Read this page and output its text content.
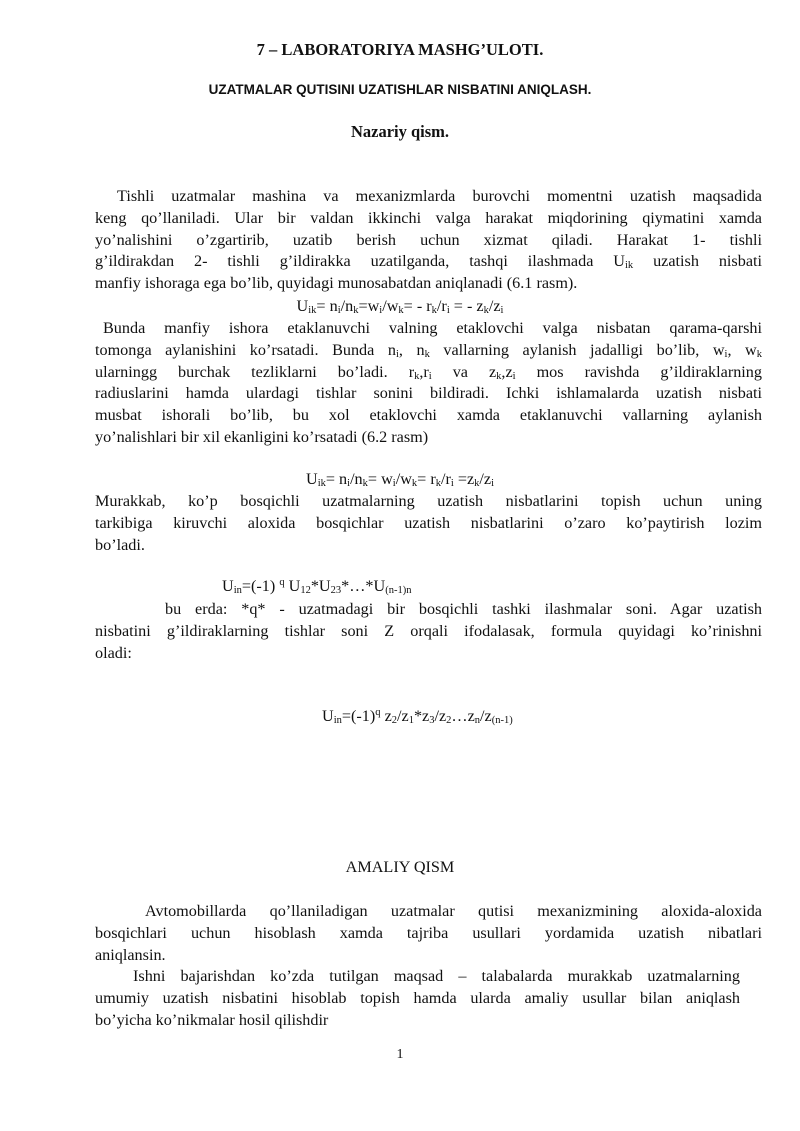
7 – LABORATORIYA MASHG’ULOTI.
UZATMALAR QUTISINI UZATISHLAR NISBATINI ANIQLASH.
Nazariy qism.
Tishli uzatmalar mashina va mexanizmlarda burovchi momentni uzatish maqsadida
keng qo’llaniladi. Ular bir valdan ikkinchi valga harakat miqdorining qiymatini xamda
yo’nalishini o’zgartirib, uzatib berish uchun xizmat qiladi. Harakat 1- tishli
g’ildirakdan 2- tishli g’ildirakka uzatilganda, tashqi ilashmada $U_{ik}$ uzatish nisbati
manfiy ishoraga ega bo’lib, quyidagi munosabatdan aniqlanadi (6.1 rasm).
$U_{ik}= n_i/n_k=w_i/w_k= - r_k/r_i$ = - $z_k/z_i$
Bunda manfiy ishora etaklanuvchi valning etaklovchi valga nisbatan qarama-qarshi
tomonga aylanishini ko’rsatadi. Bunda $n_i$, $n_k$ vallarning aylanish jadalligi bo’lib, $w_i$, $w_k$
ularningg burchak tezliklarni bo’ladi. $r_k,r_i$ va $z_k,z_i$ mos ravishda g’ildiraklarning
radiuslarini hamda ulardagi tishlar sonini bildiradi. Ichki ishlamalarda uzatish nisbati
musbat ishorali bo’lib, bu xol etaklovchi xamda etaklanuvchi vallarning aylanish
yo’nalishlari bir xil ekanligini ko’rsatadi (6.2 rasm)
$U_{ik}= n_i/n_k= w_i/w_k= r_k/r_i =z_k/z_i$
Murakkab, ko’p bosqichli uzatmalarning uzatish nisbatlarini topish uchun uning
tarkibiga kiruvchi aloxida bosqichlar uzatish nisbatlarini o’zaro ko’paytirish lozim
bo’ladi.
$U_{in}=(-1)$ $^q$ $U_{12}*U_{23}*\dots*U_{(n-1)n}$
bu erda: *q* - uzatmadagi bir bosqichli tashki ilashmalar soni. Agar uzatish
nisbatini g’ildiraklarning tishlar soni Z orqali ifodalasak, formula quyidagi ko’rinishni
oladi:
$U_{in}=(-1)^q$ $z_2/z_1*z_3/z_2\dots z_n/z_{(n-1)}$
AMALIY QISM
Avtomobillarda qo’llaniladigan uzatmalar qutisi mexanizmining aloxida-aloxida
bosqichlari uchun hisoblash xamda tajriba usullari yordamida uzatish nibatlari
aniqlansin.
Ishni bajarishdan ko’zda tutilgan maqsad – talabalarda murakkab uzatmalarning
umumiy uzatish nisbatini hisoblab topish hamda ularda amaliy usullar bilan aniqlash
bo’yicha ko’nikmalar hosil qilishdir
1
